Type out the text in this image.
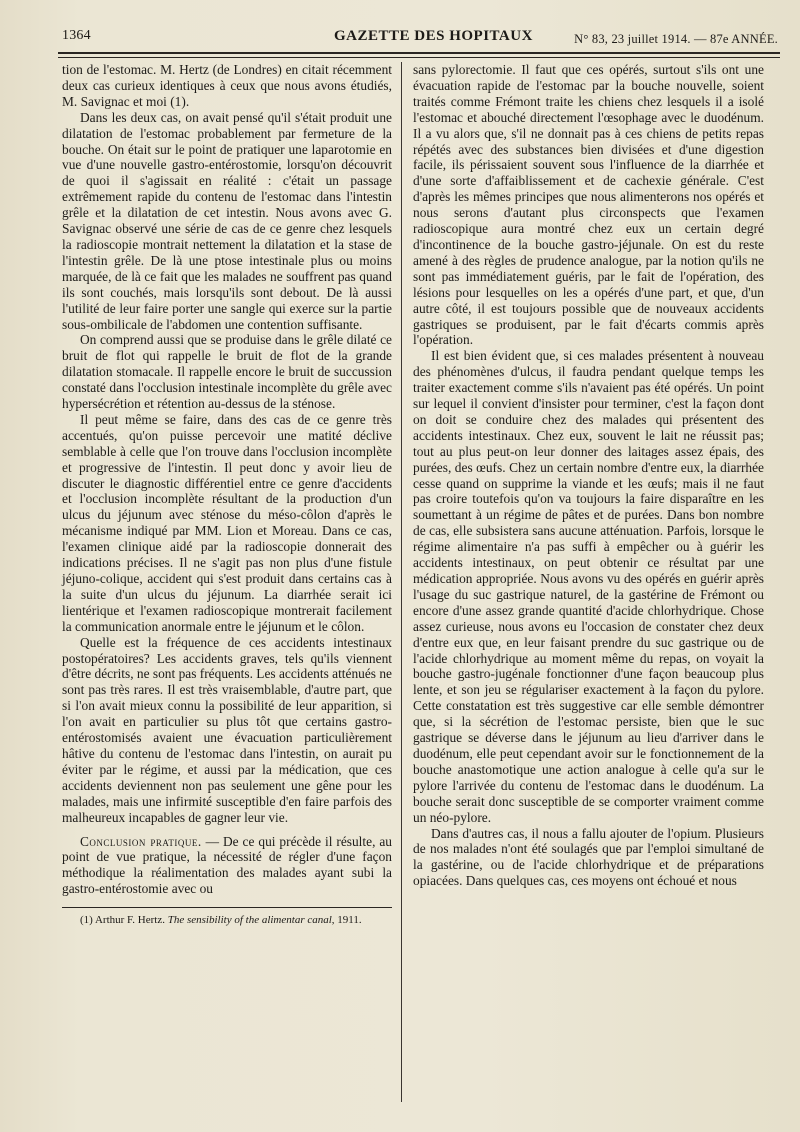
1364	GAZETTE DES HOPITAUX	N° 83, 23 juillet 1914. — 87e ANNÉE.

tion de l'estomac. M. Hertz (de Londres) en citait récemment deux cas curieux identiques à ceux que nous avons étudiés, M. Savignac et moi (1).

Dans les deux cas, on avait pensé qu'il s'était produit une dilatation de l'estomac probablement par fermeture de la bouche. On était sur le point de pratiquer une laparotomie en vue d'une nouvelle gastro-entérostomie, lorsqu'on découvrit de quoi il s'agissait en réalité : c'était un passage extrêmement rapide du contenu de l'estomac dans l'intestin grêle et la dilatation de cet intestin. Nous avons avec G. Savignac observé une série de cas de ce genre chez lesquels la radioscopie montrait nettement la dilatation et la stase de l'intestin grêle. De là une ptose intestinale plus ou moins marquée, de là ce fait que les malades ne souffrent pas quand ils sont couchés, mais lorsqu'ils sont debout. De là aussi l'utilité de leur faire porter une sangle qui exerce sur la partie sous-ombilicale de l'abdomen une contention suffisante.

On comprend aussi que se produise dans le grêle dilaté ce bruit de flot qui rappelle le bruit de flot de la grande dilatation stomacale. Il rappelle encore le bruit de succussion constaté dans l'occlusion intestinale incomplète du grêle avec hypersécrétion et rétention au-dessus de la sténose.

Il peut même se faire, dans des cas de ce genre très accentués, qu'on puisse percevoir une matité déclive semblable à celle que l'on trouve dans l'occlusion incomplète et progressive de l'intestin. Il peut donc y avoir lieu de discuter le diagnostic différentiel entre ce genre d'accidents et l'occlusion incomplète résultant de la production d'un ulcus du jéjunum avec sténose du méso-côlon d'après le mécanisme indiqué par MM. Lion et Moreau. Dans ce cas, l'examen clinique aidé par la radioscopie donnerait des indications précises. Il ne s'agit pas non plus d'une fistule jéjuno-colique, accident qui s'est produit dans certains cas à la suite d'un ulcus du jéjunum. La diarrhée serait ici lientérique et l'examen radioscopique montrerait facilement la communication anormale entre le jéjunum et le côlon.

Quelle est la fréquence de ces accidents intestinaux postopératoires? Les accidents graves, tels qu'ils viennent d'être décrits, ne sont pas fréquents. Les accidents atténués ne sont pas très rares. Il est très vraisemblable, d'autre part, que si l'on avait mieux connu la possibilité de leur apparition, si l'on avait en particulier su plus tôt que certains gastro-entérostomisés avaient une évacuation particulièrement hâtive du contenu de l'estomac dans l'intestin, on aurait pu éviter par le régime, et aussi par la médication, que ces accidents deviennent non pas seulement une gêne pour les malades, mais une infirmité susceptible d'en faire parfois des malheureux incapables de gagner leur vie.

Conclusion pratique. — De ce qui précède il résulte, au point de vue pratique, la nécessité de régler d'une façon méthodique la réalimentation des malades ayant subi la gastro-entérostomie avec ou

(1) Arthur F. Hertz. The sensibility of the alimentar canal, 1911.

sans pylorectomie. Il faut que ces opérés, surtout s'ils ont une évacuation rapide de l'estomac par la bouche nouvelle, soient traités comme Frémont traite les chiens chez lesquels il a isolé l'estomac et abouché directement l'œsophage avec le duodénum. Il a vu alors que, s'il ne donnait pas à ces chiens de petits repas répétés avec des substances bien divisées et d'une digestion facile, ils périssaient souvent sous l'influence de la diarrhée et d'une sorte d'affaiblissement et de cachexie générale. C'est d'après les mêmes principes que nous alimenterons nos opérés et nous serons d'autant plus circonspects que l'examen radioscopique aura montré chez eux un certain degré d'incontinence de la bouche gastro-jéjunale. On est du reste amené à des règles de prudence analogue, par la notion qu'ils ne sont pas immédiatement guéris, par le fait de l'opération, des lésions pour lesquelles on les a opérés d'une part, et que, d'un autre côté, il est toujours possible que de nouveaux accidents gastriques se produisent, par le fait d'écarts commis après l'opération.

Il est bien évident que, si ces malades présentent à nouveau des phénomènes d'ulcus, il faudra pendant quelque temps les traiter exactement comme s'ils n'avaient pas été opérés. Un point sur lequel il convient d'insister pour terminer, c'est la façon dont on doit se conduire chez des malades qui présentent des accidents intestinaux. Chez eux, souvent le lait ne réussit pas; tout au plus peut-on leur donner des laitages assez épais, des purées, des œufs. Chez un certain nombre d'entre eux, la diarrhée cesse quand on supprime la viande et les œufs; mais il ne faut pas croire toutefois qu'on va toujours la faire disparaître en les soumettant à un régime de pâtes et de purées. Dans bon nombre de cas, elle subsistera sans aucune atténuation. Parfois, lorsque le régime alimentaire n'a pas suffi à empêcher ou à guérir les accidents intestinaux, on peut obtenir ce résultat par une médication appropriée. Nous avons vu des opérés en guérir après l'usage du suc gastrique naturel, de la gastérine de Frémont ou encore d'une assez grande quantité d'acide chlorhydrique. Chose assez curieuse, nous avons eu l'occasion de constater chez deux d'entre eux que, en leur faisant prendre du suc gastrique ou de l'acide chlorhydrique au moment même du repas, on voyait la bouche gastro-jugénale fonctionner d'une façon beaucoup plus lente, et son jeu se régulariser exactement à la façon du pylore. Cette constatation est très suggestive car elle semble démontrer que, si la sécrétion de l'estomac persiste, bien que le suc gastrique se déverse dans le jéjunum au lieu d'arriver dans le duodénum, elle peut cependant avoir sur le fonctionnement de la bouche anastomotique une action analogue à celle qu'a sur le pylore l'arrivée du contenu de l'estomac dans le duodénum. La bouche serait donc susceptible de se comporter vraiment comme un néo-pylore.

Dans d'autres cas, il nous a fallu ajouter de l'opium. Plusieurs de nos malades n'ont été soulagés que par l'emploi simultané de la gastérine, ou de l'acide chlorhydrique et de préparations opiacées. Dans quelques cas, ces moyens ont échoué et nous
